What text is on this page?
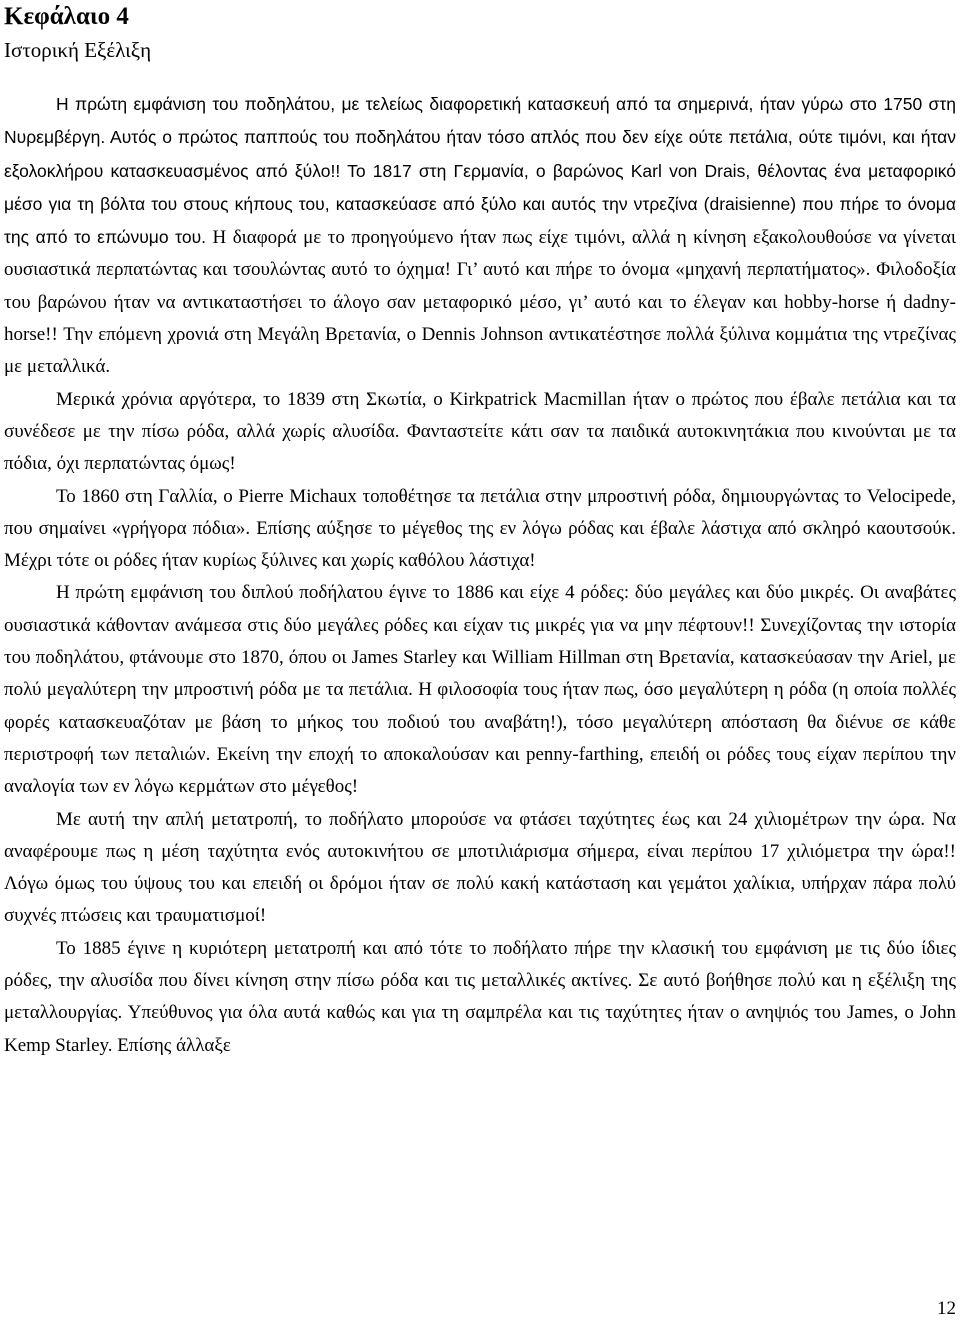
Κεφάλαιο 4
Ιστορική Εξέλιξη

Η πρώτη εμφάνιση του ποδηλάτου, με τελείως διαφορετική κατασκευή από τα σημερινά, ήταν γύρω στο 1750 στη Νυρεμβέργη. Αυτός ο πρώτος παππούς του ποδηλάτου ήταν τόσο απλός που δεν είχε ούτε πετάλια, ούτε τιμόνι, και ήταν εξολοκλήρου κατασκευασμένος από ξύλο!! Το 1817 στη Γερμανία, ο βαρώνος Karl von Drais, θέλοντας ένα μεταφορικό μέσο για τη βόλτα του στους κήπους του, κατασκεύασε από ξύλο και αυτός την ντρεζίνα (draisienne) που πήρε το όνομα της από το επώνυμο του. Η διαφορά με το προηγούμενο ήταν πως είχε τιμόνι, αλλά η κίνηση εξακολουθούσε να γίνεται ουσιαστικά περπατώντας και τσουλώντας αυτό το όχημα! Γι’ αυτό και πήρε το όνομα «μηχανή περπατήματος». Φιλοδοξία του βαρώνου ήταν να αντικαταστήσει το άλογο σαν μεταφορικό μέσο, γι’ αυτό και το έλεγαν και hobby-horse ή dadny-horse!! Την επόμενη χρονιά στη Μεγάλη Βρετανία, ο Dennis Johnson αντικατέστησε πολλά ξύλινα κομμάτια της ντρεζίνας με μεταλλικά.

Μερικά χρόνια αργότερα, το 1839 στη Σκωτία, ο Kirkpatrick Macmillan ήταν ο πρώτος που έβαλε πετάλια και τα συνέδεσε με την πίσω ρόδα, αλλά χωρίς αλυσίδα. Φανταστείτε κάτι σαν τα παιδικά αυτοκινητάκια που κινούνται με τα πόδια, όχι περπατώντας όμως!

Το 1860 στη Γαλλία, ο Pierre Michaux τοποθέτησε τα πετάλια στην μπροστινή ρόδα, δημιουργώντας το Velocipede, που σημαίνει «γρήγορα πόδια». Επίσης αύξησε το μέγεθος της εν λόγω ρόδας και έβαλε λάστιχα από σκληρό καουτσούκ. Μέχρι τότε οι ρόδες ήταν κυρίως ξύλινες και χωρίς καθόλου λάστιχα!

Η πρώτη εμφάνιση του διπλού ποδήλατου έγινε το 1886 και είχε 4 ρόδες: δύο μεγάλες και δύο μικρές. Οι αναβάτες ουσιαστικά κάθονταν ανάμεσα στις δύο μεγάλες ρόδες και είχαν τις μικρές για να μην πέφτουν!! Συνεχίζοντας την ιστορία του ποδηλάτου, φτάνουμε στο 1870, όπου οι James Starley και William Hillman στη Βρετανία, κατασκεύασαν την Ariel, με πολύ μεγαλύτερη την μπροστινή ρόδα με τα πετάλια. Η φιλοσοφία τους ήταν πως, όσο μεγαλύτερη η ρόδα (η οποία πολλές φορές κατασκευαζόταν με βάση το μήκος του ποδιού του αναβάτη!), τόσο μεγαλύτερη απόσταση θα διένυε σε κάθε περιστροφή των πεταλιών. Εκείνη την εποχή το αποκαλούσαν και penny-farthing, επειδή οι ρόδες τους είχαν περίπου την αναλογία των εν λόγω κερμάτων στο μέγεθος!

Με αυτή την απλή μετατροπή, το ποδήλατο μπορούσε να φτάσει ταχύτητες έως και 24 χιλιομέτρων την ώρα. Να αναφέρουμε πως η μέση ταχύτητα ενός αυτοκινήτου σε μποτιλιάρισμα σήμερα, είναι περίπου 17 χιλιόμετρα την ώρα!! Λόγω όμως του ύψους του και επειδή οι δρόμοι ήταν σε πολύ κακή κατάσταση και γεμάτοι χαλίκια, υπήρχαν πάρα πολύ συχνές πτώσεις και τραυματισμοί!

Το 1885 έγινε η κυριότερη μετατροπή και από τότε το ποδήλατο πήρε την κλασική του εμφάνιση με τις δύο ίδιες ρόδες, την αλυσίδα που δίνει κίνηση στην πίσω ρόδα και τις μεταλλικές ακτίνες. Σε αυτό βοήθησε πολύ και η εξέλιξη της μεταλλουργίας. Υπεύθυνος για όλα αυτά καθώς και για τη σαμπρέλα και τις ταχύτητες ήταν ο ανηψιός του James, ο John Kemp Starley. Επίσης άλλαξε

12
